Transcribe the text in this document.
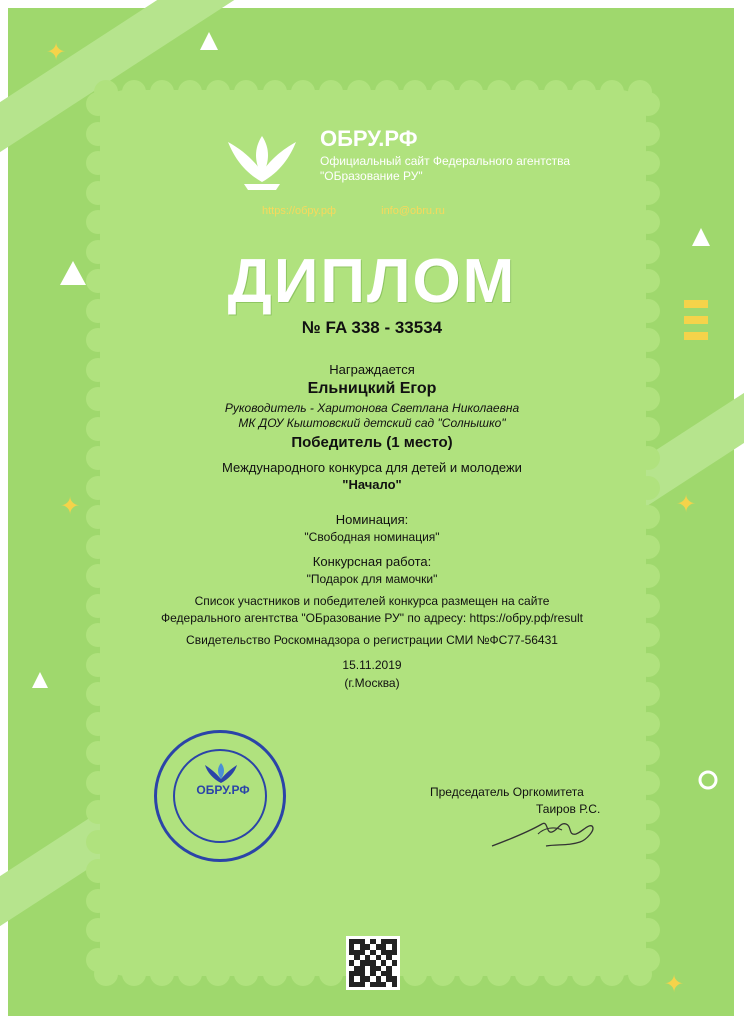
✦
✦	✦
✦
ОБРУ.РФ
Официальный сайт Федерального агентства "ОБразование РУ"
https://обру.рф	info@obru.ru
ДИПЛОМ
№ FA 338 - 33534
Награждается
Ельницкий Егор
Руководитель - Харитонова Светлана Николаевна
МК ДОУ Кыштовский детский сад "Солнышко"
Победитель (1 место)
Международного конкурса для детей и молодежи
"Начало"
Номинация:
"Свободная номинация"
Конкурсная работа:
"Подарок для мамочки"
Список участников и победителей конкурса размещен на сайте
Федерального агентства "ОБразование РУ" по адресу: https://обру.рф/result
Свидетельство Роскомнадзора о регистрации СМИ №ФС77-56431
15.11.2019
(г.Москва)
ОБРУ.РФ	Председатель Оргкомитета
Таиров Р.С.
